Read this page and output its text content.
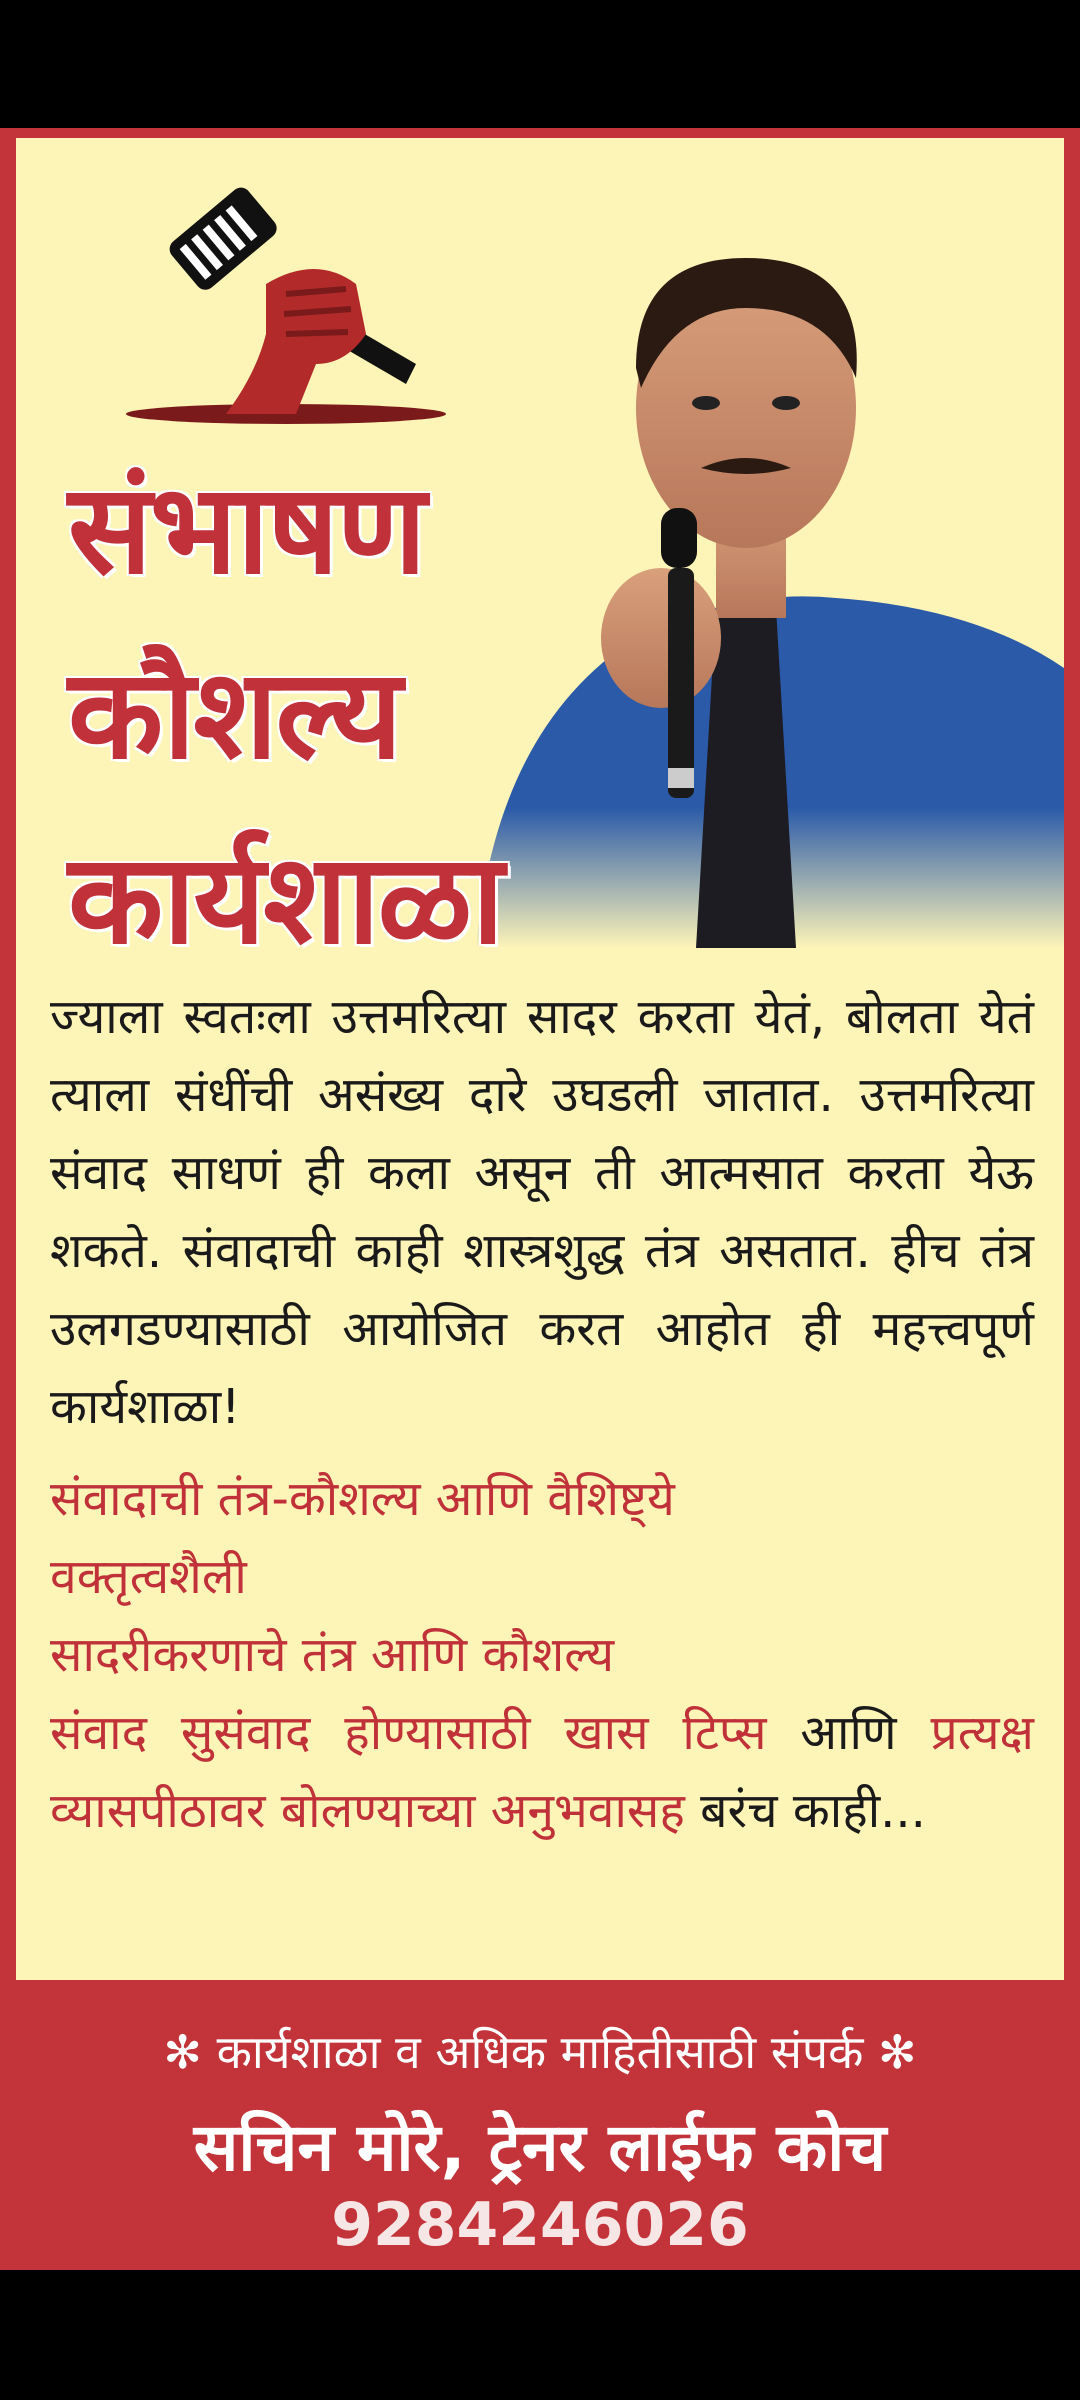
संभाषण
कौशल्य
कार्यशाळा
ज्याला स्वतःला उत्तमरित्या सादर करता येतं, बोलता येतं त्याला संधींची असंख्य दारे उघडली जातात. उत्तमरित्या संवाद साधणं ही कला असून ती आत्मसात करता येऊ शकते. संवादाची काही शास्त्रशुद्ध तंत्र असतात. हीच तंत्र उलगडण्यासाठी आयोजित करत आहोत ही महत्त्वपूर्ण कार्यशाळा!
संवादाची तंत्र-कौशल्य आणि वैशिष्ट्ये
वक्तृत्वशैली
सादरीकरणाचे तंत्र आणि कौशल्य
संवाद सुसंवाद होण्यासाठी खास टिप्स आणि प्रत्यक्ष व्यासपीठावर बोलण्याच्या अनुभवासह बरंच काही...
✻ कार्यशाळा व अधिक माहितीसाठी संपर्क ✻
सचिन मोरे, ट्रेनर लाईफ कोच
9284246026
